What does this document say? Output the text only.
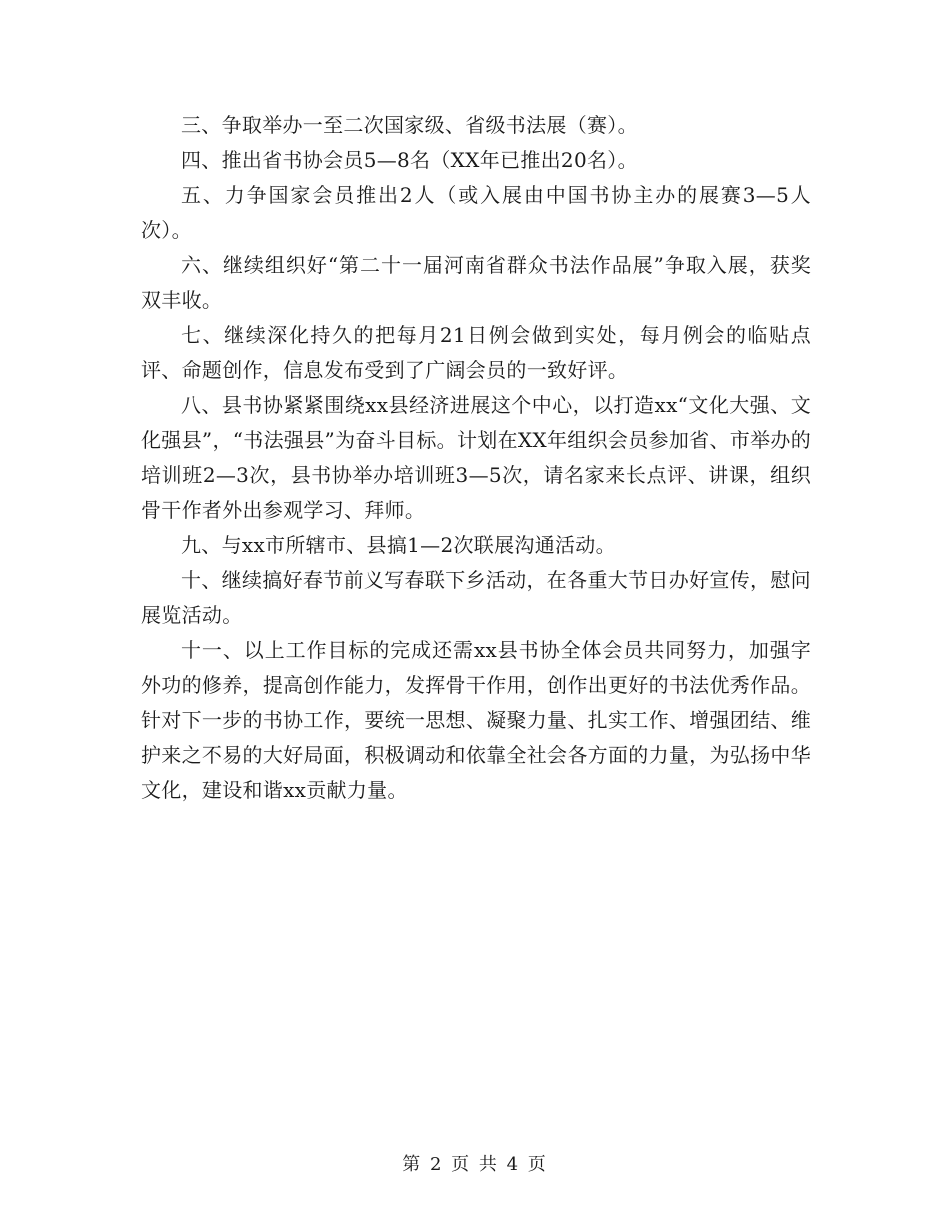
三、争取举办一至二次国家级、省级书法展（赛）。

四、推出省书协会员5—8名（XX年已推出20名）。

五、力争国家会员推出2人（或入展由中国书协主办的展赛3—5人次）。

六、继续组织好“第二十一届河南省群众书法作品展”争取入展，获奖双丰收。

七、继续深化持久的把每月21日例会做到实处，每月例会的临贴点评、命题创作，信息发布受到了广阔会员的一致好评。

八、县书协紧紧围绕xx县经济进展这个中心，以打造xx“文化大强、文化强县”，“书法强县”为奋斗目标。计划在XX年组织会员参加省、市举办的培训班2—3次，县书协举办培训班3—5次，请名家来长点评、讲课，组织骨干作者外出参观学习、拜师。

九、与xx市所辖市、县搞1—2次联展沟通活动。

十、继续搞好春节前义写春联下乡活动，在各重大节日办好宣传，慰问展览活动。

十一、以上工作目标的完成还需xx县书协全体会员共同努力，加强字外功的修养，提高创作能力，发挥骨干作用，创作出更好的书法优秀作品。针对下一步的书协工作，要统一思想、凝聚力量、扎实工作、增强团结、维护来之不易的大好局面，积极调动和依靠全社会各方面的力量，为弘扬中华文化，建设和谐xx贡献力量。

第 2 页 共 4 页
